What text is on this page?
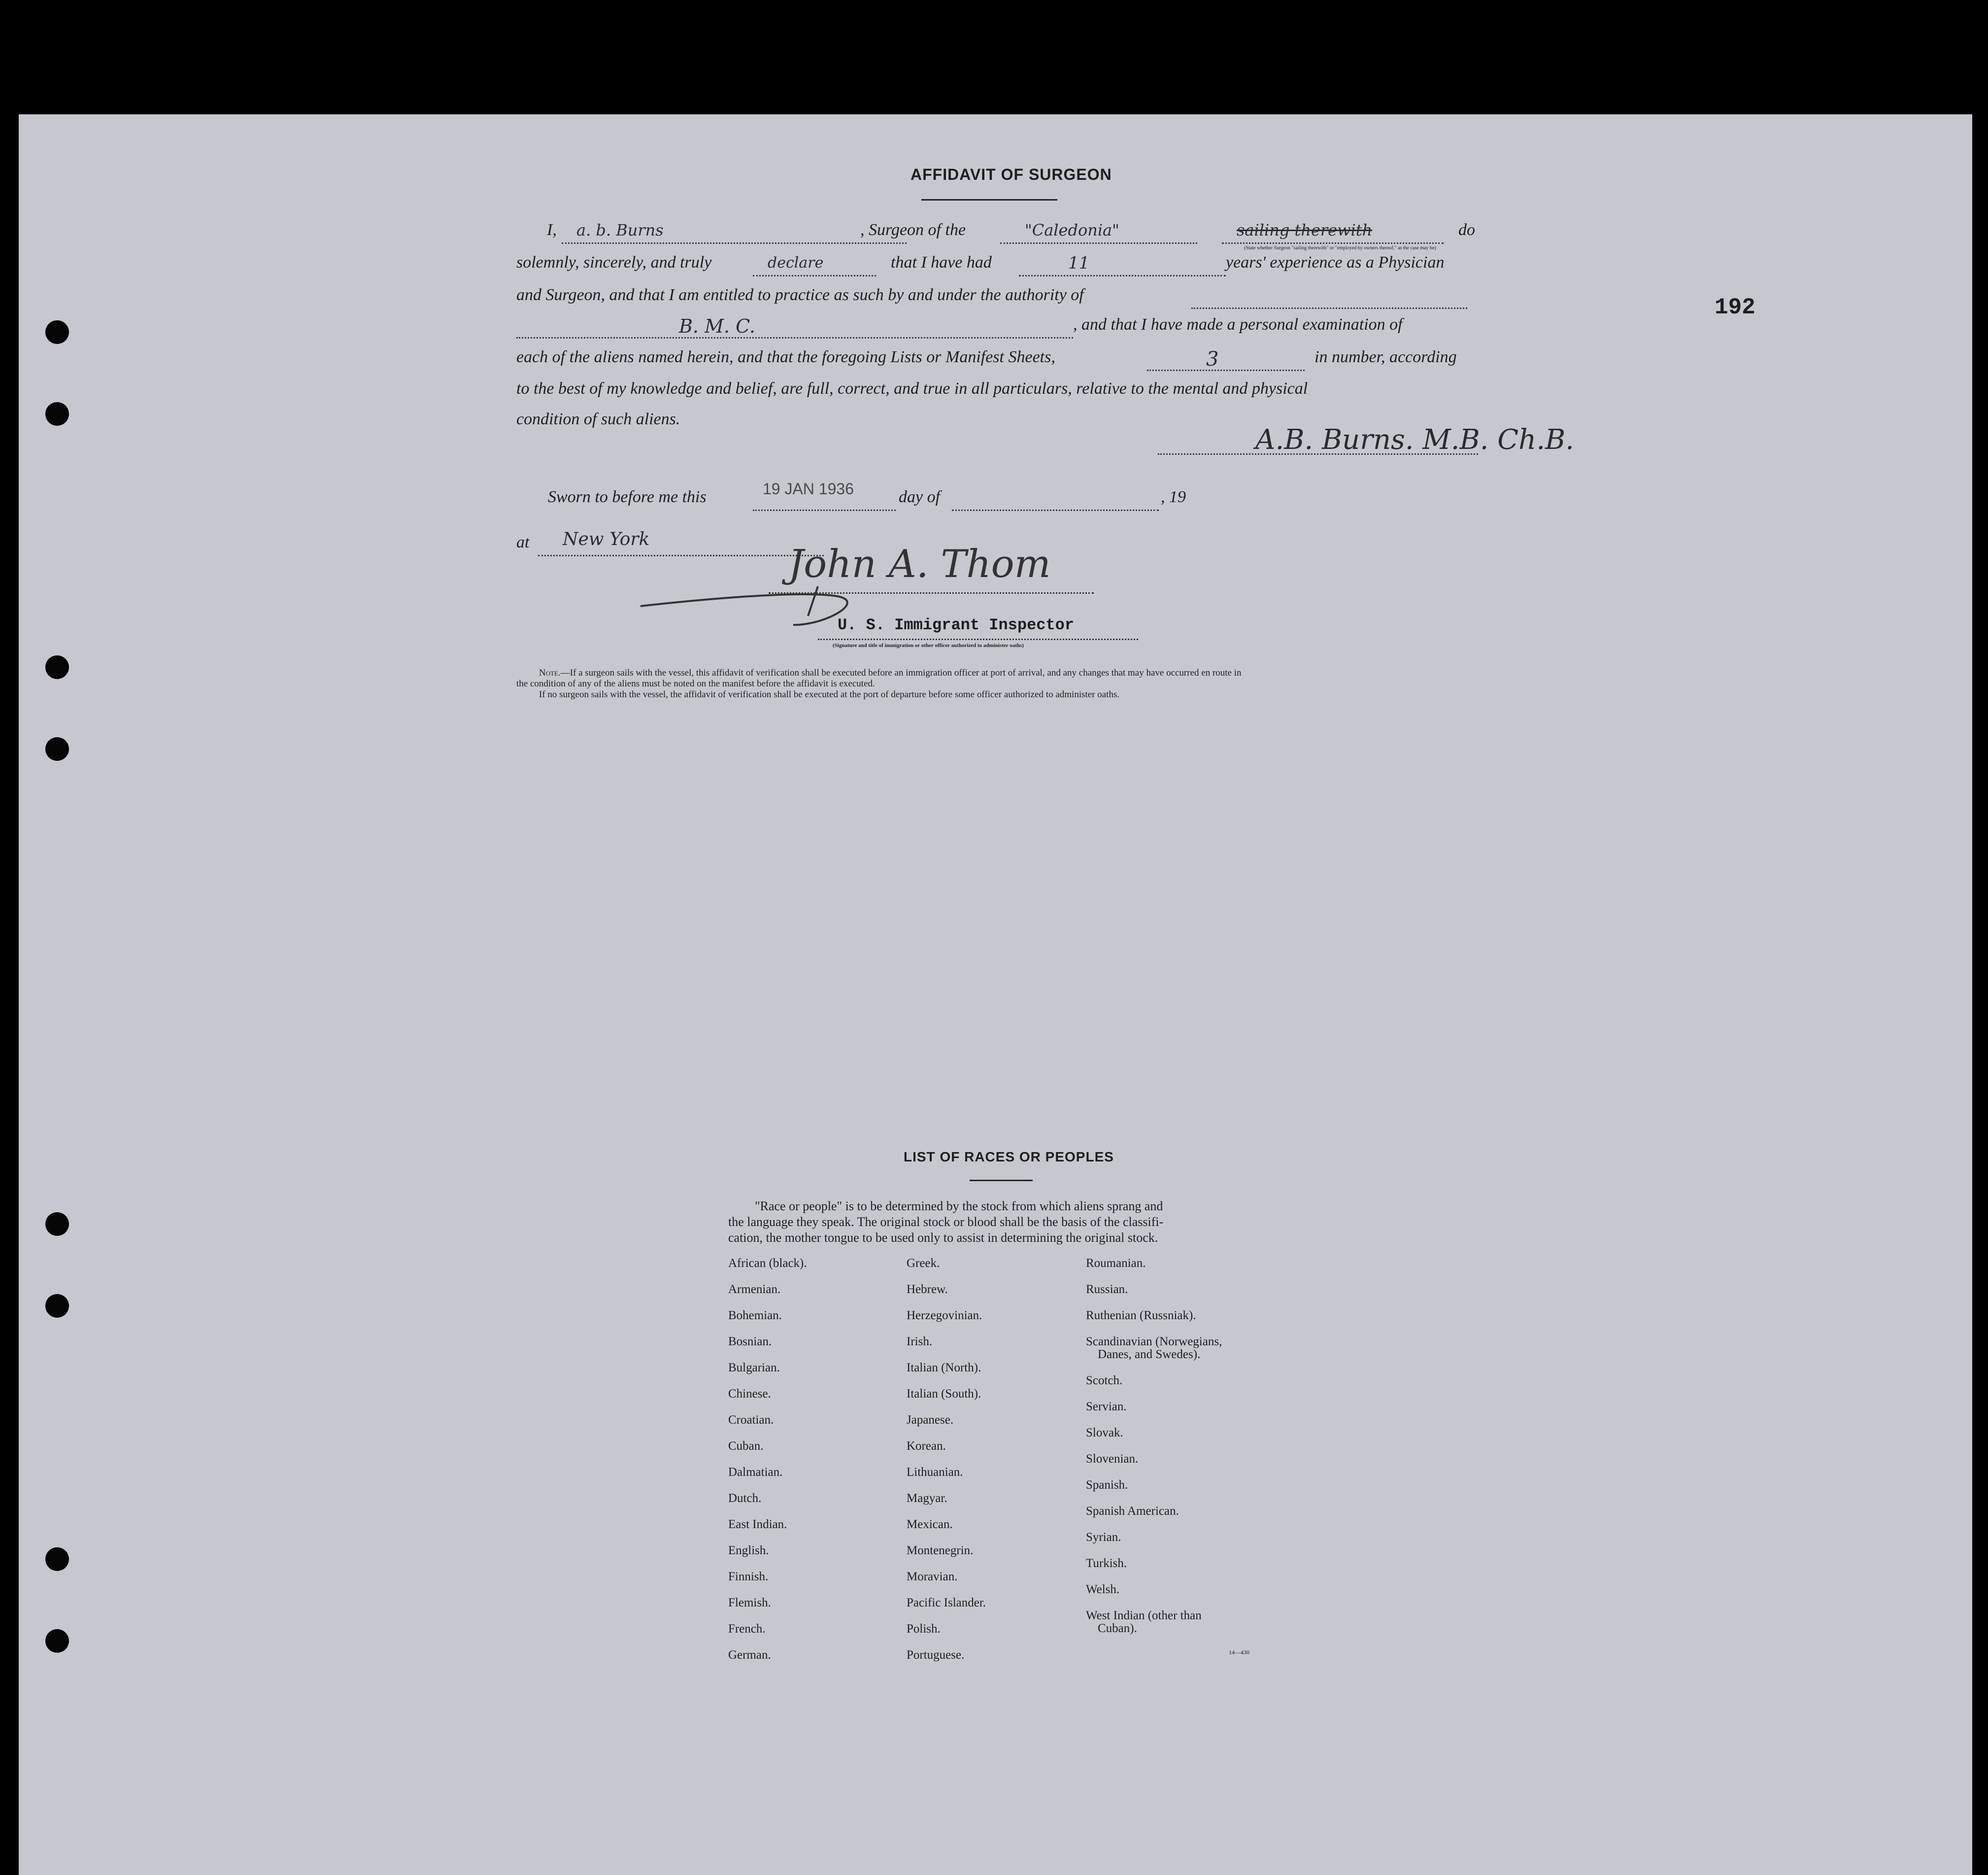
192
AFFIDAVIT OF SURGEON
I,	a. b. Burns	, Surgeon of the	"Caledonia"	sailing therewith	do
(State whether Surgeon "sailing therewith" or "employed by owners thereof," as the case may be)
solemnly, sincerely, and truly	declare	that I have had	11	years' experience as a Physician
and Surgeon, and that I am entitled to practice as such by and under the authority of
B. M. C.	, and that I have made a personal examination of
each of the aliens named herein, and that the foregoing Lists or Manifest Sheets,	3	in number, according
to the best of my knowledge and belief, are full, correct, and true in all particulars, relative to the mental and physical
condition of such aliens.
A.B. Burns. M.B. Ch.B.
Sworn to before me this	19 JAN 1936	day of	, 19
at	New York
John A. Thom
U. S. Immigrant Inspector
(Signature and title of immigration or other officer authorized to administer oaths)
Note.—If a surgeon sails with the vessel, this affidavit of verification shall be executed before an immigration officer at port of arrival, and any changes that may have occurred en route in
the condition of any of the aliens must be noted on the manifest before the affidavit is executed.
If no surgeon sails with the vessel, the affidavit of verification shall be executed at the port of departure before some officer authorized to administer oaths.
LIST OF RACES OR PEOPLES
"Race or people" is to be determined by the stock from which aliens sprang and
the language they speak. The original stock or blood shall be the basis of the classifi-
cation, the mother tongue to be used only to assist in determining the original stock.
African (black).
Armenian.
Bohemian.
Bosnian.
Bulgarian.
Chinese.
Croatian.
Cuban.
Dalmatian.
Dutch.
East Indian.
English.
Finnish.
Flemish.
French.
German.
Greek.
Hebrew.
Herzegovinian.
Irish.
Italian (North).
Italian (South).
Japanese.
Korean.
Lithuanian.
Magyar.
Mexican.
Montenegrin.
Moravian.
Pacific Islander.
Polish.
Portuguese.
Roumanian.
Russian.
Ruthenian (Russniak).
Scandinavian (Norwegians,
Danes, and Swedes).
Scotch.
Servian.
Slovak.
Slovenian.
Spanish.
Spanish American.
Syrian.
Turkish.
Welsh.
West Indian (other than
Cuban).
14—430
